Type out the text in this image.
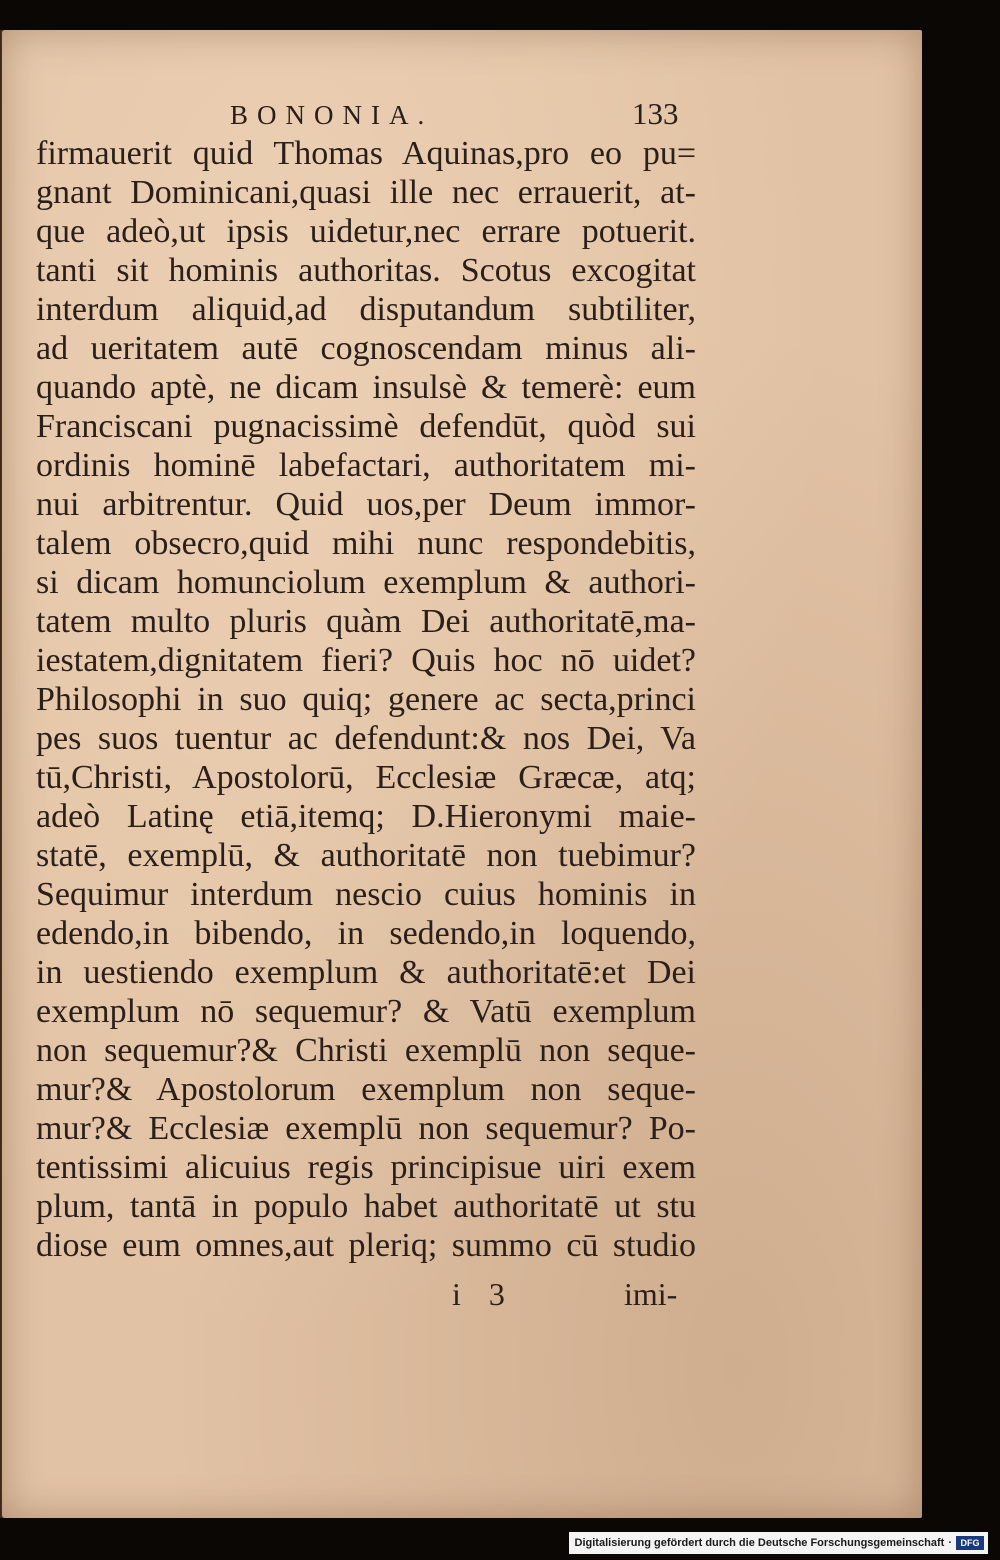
BONONIA.	133
firmauerit quid Thomas Aquinas,pro eo pu=
gnant Dominicani,quasi ille nec errauerit, at-
que adeò,ut ipsis uidetur,nec errare potuerit.
tanti sit hominis authoritas. Scotus excogitat
interdum aliquid,ad disputandum subtiliter,
ad ueritatem autē cognoscendam minus ali-
quando aptè, ne dicam insulsè & temerè: eum
Franciscani pugnacissimè defendūt, quòd sui
ordinis hominē labefactari, authoritatem mi-
nui arbitrentur. Quid uos,per Deum immor-
talem obsecro,quid mihi nunc respondebitis,
si dicam homunciolum exemplum & authori-
tatem multo pluris quàm Dei authoritatē,ma-
iestatem,dignitatem fieri? Quis hoc nō uidet?
Philosophi in suo quiq; genere ac secta,princi
pes suos tuentur ac defendunt:& nos Dei, Va
tū,Christi, Apostolorū, Ecclesiæ Græcæ, atq;
adeò Latinę etiā,itemq; D.Hieronymi maie-
statē, exemplū, & authoritatē non tuebimur?
Sequimur interdum nescio cuius hominis in
edendo,in bibendo, in sedendo,in loquendo,
in uestiendo exemplum & authoritatē:et Dei
exemplum nō sequemur? & Vatū exemplum
non sequemur?& Christi exemplū non seque-
mur?& Apostolorum exemplum non seque-
mur?& Ecclesiæ exemplū non sequemur? Po-
tentissimi alicuius regis principisue uiri exem
plum, tantā in populo habet authoritatē ut stu
diose eum omnes,aut pleriq; summo cū studio
i 3	imi-
Digitalisierung gefördert durch die Deutsche Forschungsgemeinschaft · DFG
